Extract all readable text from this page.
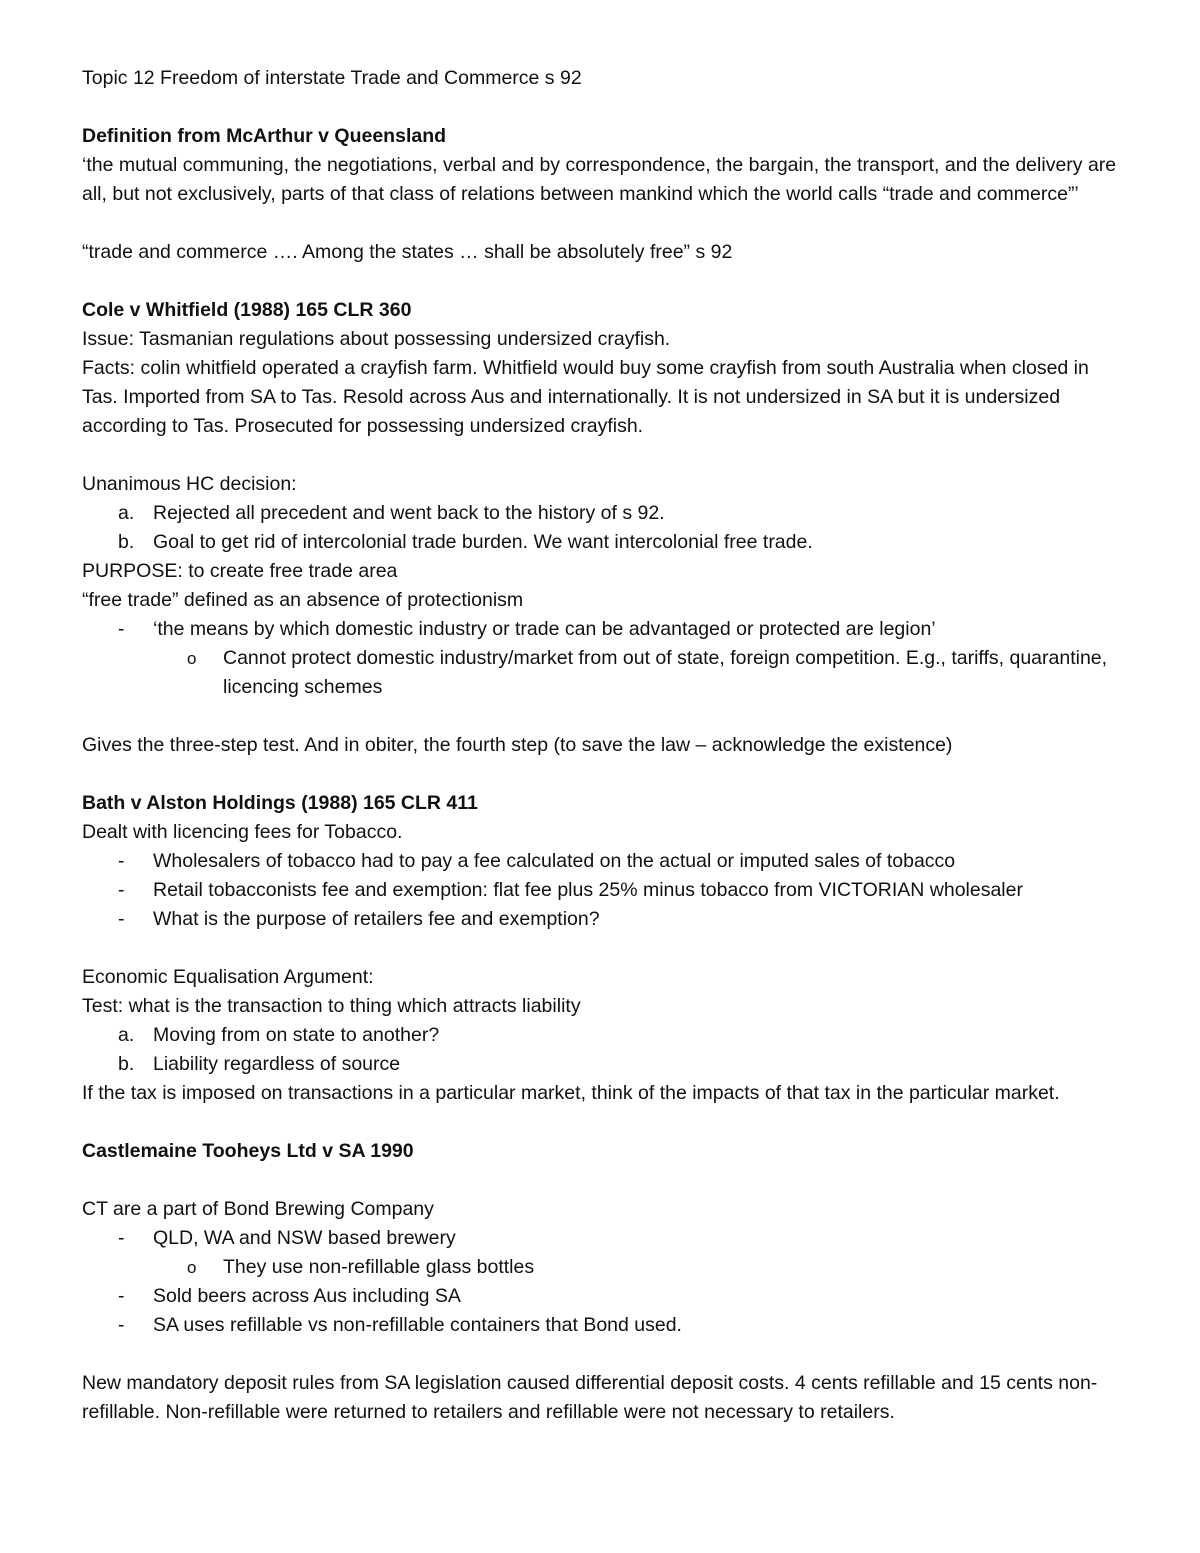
Topic 12 Freedom of interstate Trade and Commerce s 92

Definition from McArthur v Queensland

‘the mutual communing, the negotiations, verbal and by correspondence, the bargain, the transport, and the delivery are all, but not exclusively, parts of that class of relations between mankind which the world calls “trade and commerce”’

“trade and commerce …. Among the states … shall be absolutely free” s 92

Cole v Whitfield (1988) 165 CLR 360

Issue: Tasmanian regulations about possessing undersized crayfish.

Facts: colin whitfield operated a crayfish farm. Whitfield would buy some crayfish from south Australia when closed in Tas. Imported from SA to Tas. Resold across Aus and internationally. It is not undersized in SA but it is undersized according to Tas. Prosecuted for possessing undersized crayfish.

Unanimous HC decision:

a. Rejected all precedent and went back to the history of s 92.
b. Goal to get rid of intercolonial trade burden. We want intercolonial free trade.

PURPOSE: to create free trade area

“free trade” defined as an absence of protectionism

- ‘the means by which domestic industry or trade can be advantaged or protected are legion’
o Cannot protect domestic industry/market from out of state, foreign competition. E.g., tariffs, quarantine, licencing schemes

Gives the three-step test. And in obiter, the fourth step (to save the law – acknowledge the existence)

Bath v Alston Holdings (1988) 165 CLR 411

Dealt with licencing fees for Tobacco.

- Wholesalers of tobacco had to pay a fee calculated on the actual or imputed sales of tobacco
- Retail tobacconists fee and exemption: flat fee plus 25% minus tobacco from VICTORIAN wholesaler
- What is the purpose of retailers fee and exemption?

Economic Equalisation Argument:

Test: what is the transaction to thing which attracts liability

a. Moving from on state to another?
b. Liability regardless of source

If the tax is imposed on transactions in a particular market, think of the impacts of that tax in the particular market.

Castlemaine Tooheys Ltd v SA 1990

CT are a part of Bond Brewing Company

- QLD, WA and NSW based brewery
o They use non-refillable glass bottles
- Sold beers across Aus including SA
- SA uses refillable vs non-refillable containers that Bond used.

New mandatory deposit rules from SA legislation caused differential deposit costs. 4 cents refillable and 15 cents non-refillable. Non-refillable were returned to retailers and refillable were not necessary to retailers.
